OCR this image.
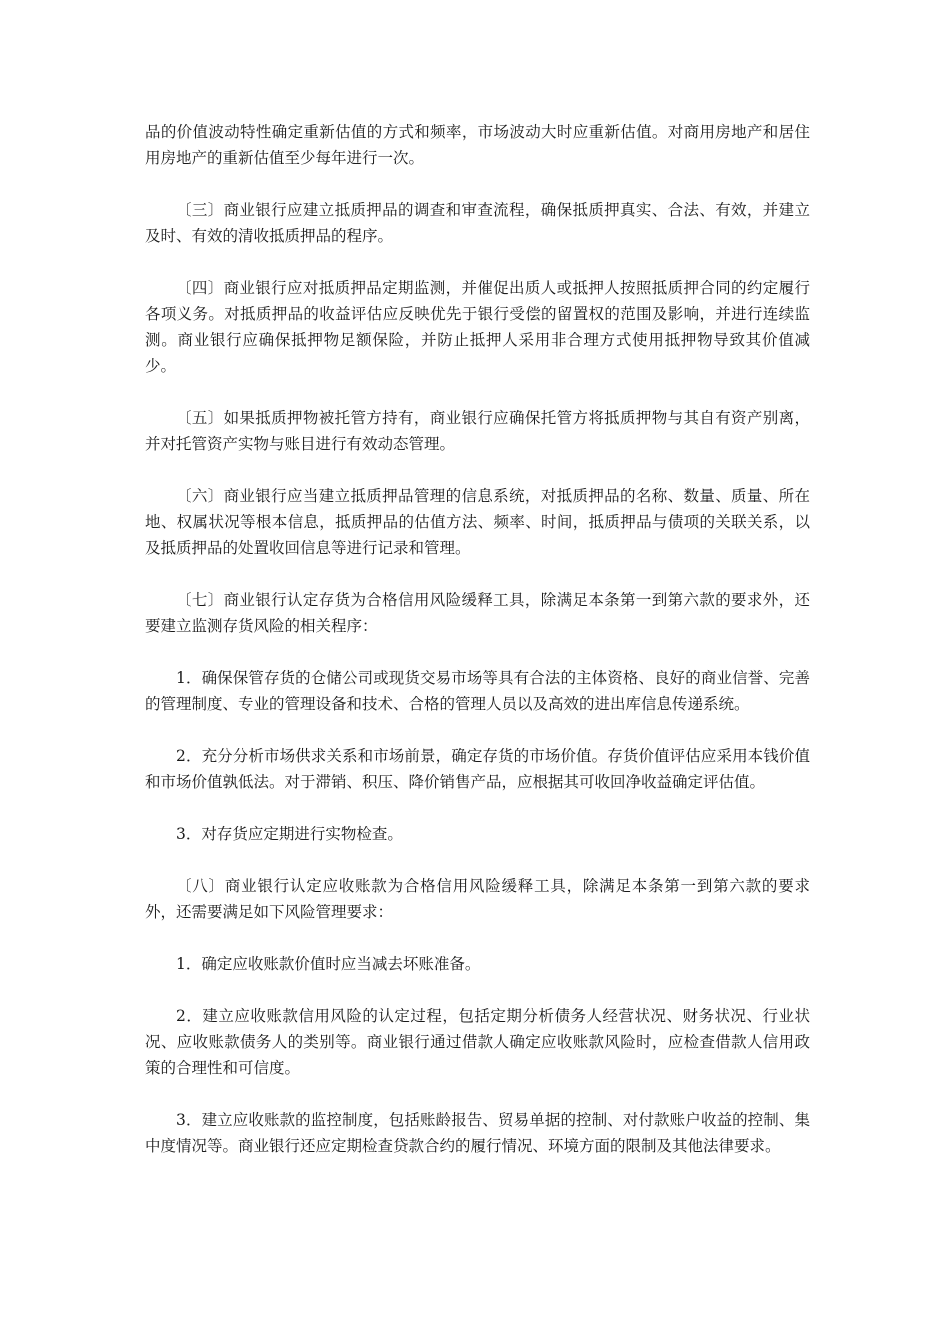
品的价值波动特性确定重新估值的方式和频率，市场波动大时应重新估值。对商用房地产和居住用房地产的重新估值至少每年进行一次。

〔三〕商业银行应建立抵质押品的调查和审查流程，确保抵质押真实、合法、有效，并建立及时、有效的清收抵质押品的程序。

〔四〕商业银行应对抵质押品定期监测，并催促出质人或抵押人按照抵质押合同的约定履行各项义务。对抵质押品的收益评估应反映优先于银行受偿的留置权的范围及影响，并进行连续监测。商业银行应确保抵押物足额保险，并防止抵押人采用非合理方式使用抵押物导致其价值减少。

〔五〕如果抵质押物被托管方持有，商业银行应确保托管方将抵质押物与其自有资产别离，并对托管资产实物与账目进行有效动态管理。

〔六〕商业银行应当建立抵质押品管理的信息系统，对抵质押品的名称、数量、质量、所在地、权属状况等根本信息，抵质押品的估值方法、频率、时间，抵质押品与债项的关联关系，以及抵质押品的处置收回信息等进行记录和管理。

〔七〕商业银行认定存货为合格信用风险缓释工具，除满足本条第一到第六款的要求外，还要建立监测存货风险的相关程序：

1．确保保管存货的仓储公司或现货交易市场等具有合法的主体资格、良好的商业信誉、完善的管理制度、专业的管理设备和技术、合格的管理人员以及高效的进出库信息传递系统。

2．充分分析市场供求关系和市场前景，确定存货的市场价值。存货价值评估应采用本钱价值和市场价值孰低法。对于滞销、积压、降价销售产品，应根据其可收回净收益确定评估值。

3．对存货应定期进行实物检查。

〔八〕商业银行认定应收账款为合格信用风险缓释工具，除满足本条第一到第六款的要求外，还需要满足如下风险管理要求：

1．确定应收账款价值时应当减去坏账准备。

2．建立应收账款信用风险的认定过程，包括定期分析债务人经营状况、财务状况、行业状况、应收账款债务人的类别等。商业银行通过借款人确定应收账款风险时，应检查借款人信用政策的合理性和可信度。

3．建立应收账款的监控制度，包括账龄报告、贸易单据的控制、对付款账户收益的控制、集中度情况等。商业银行还应定期检查贷款合约的履行情况、环境方面的限制及其他法律要求。
